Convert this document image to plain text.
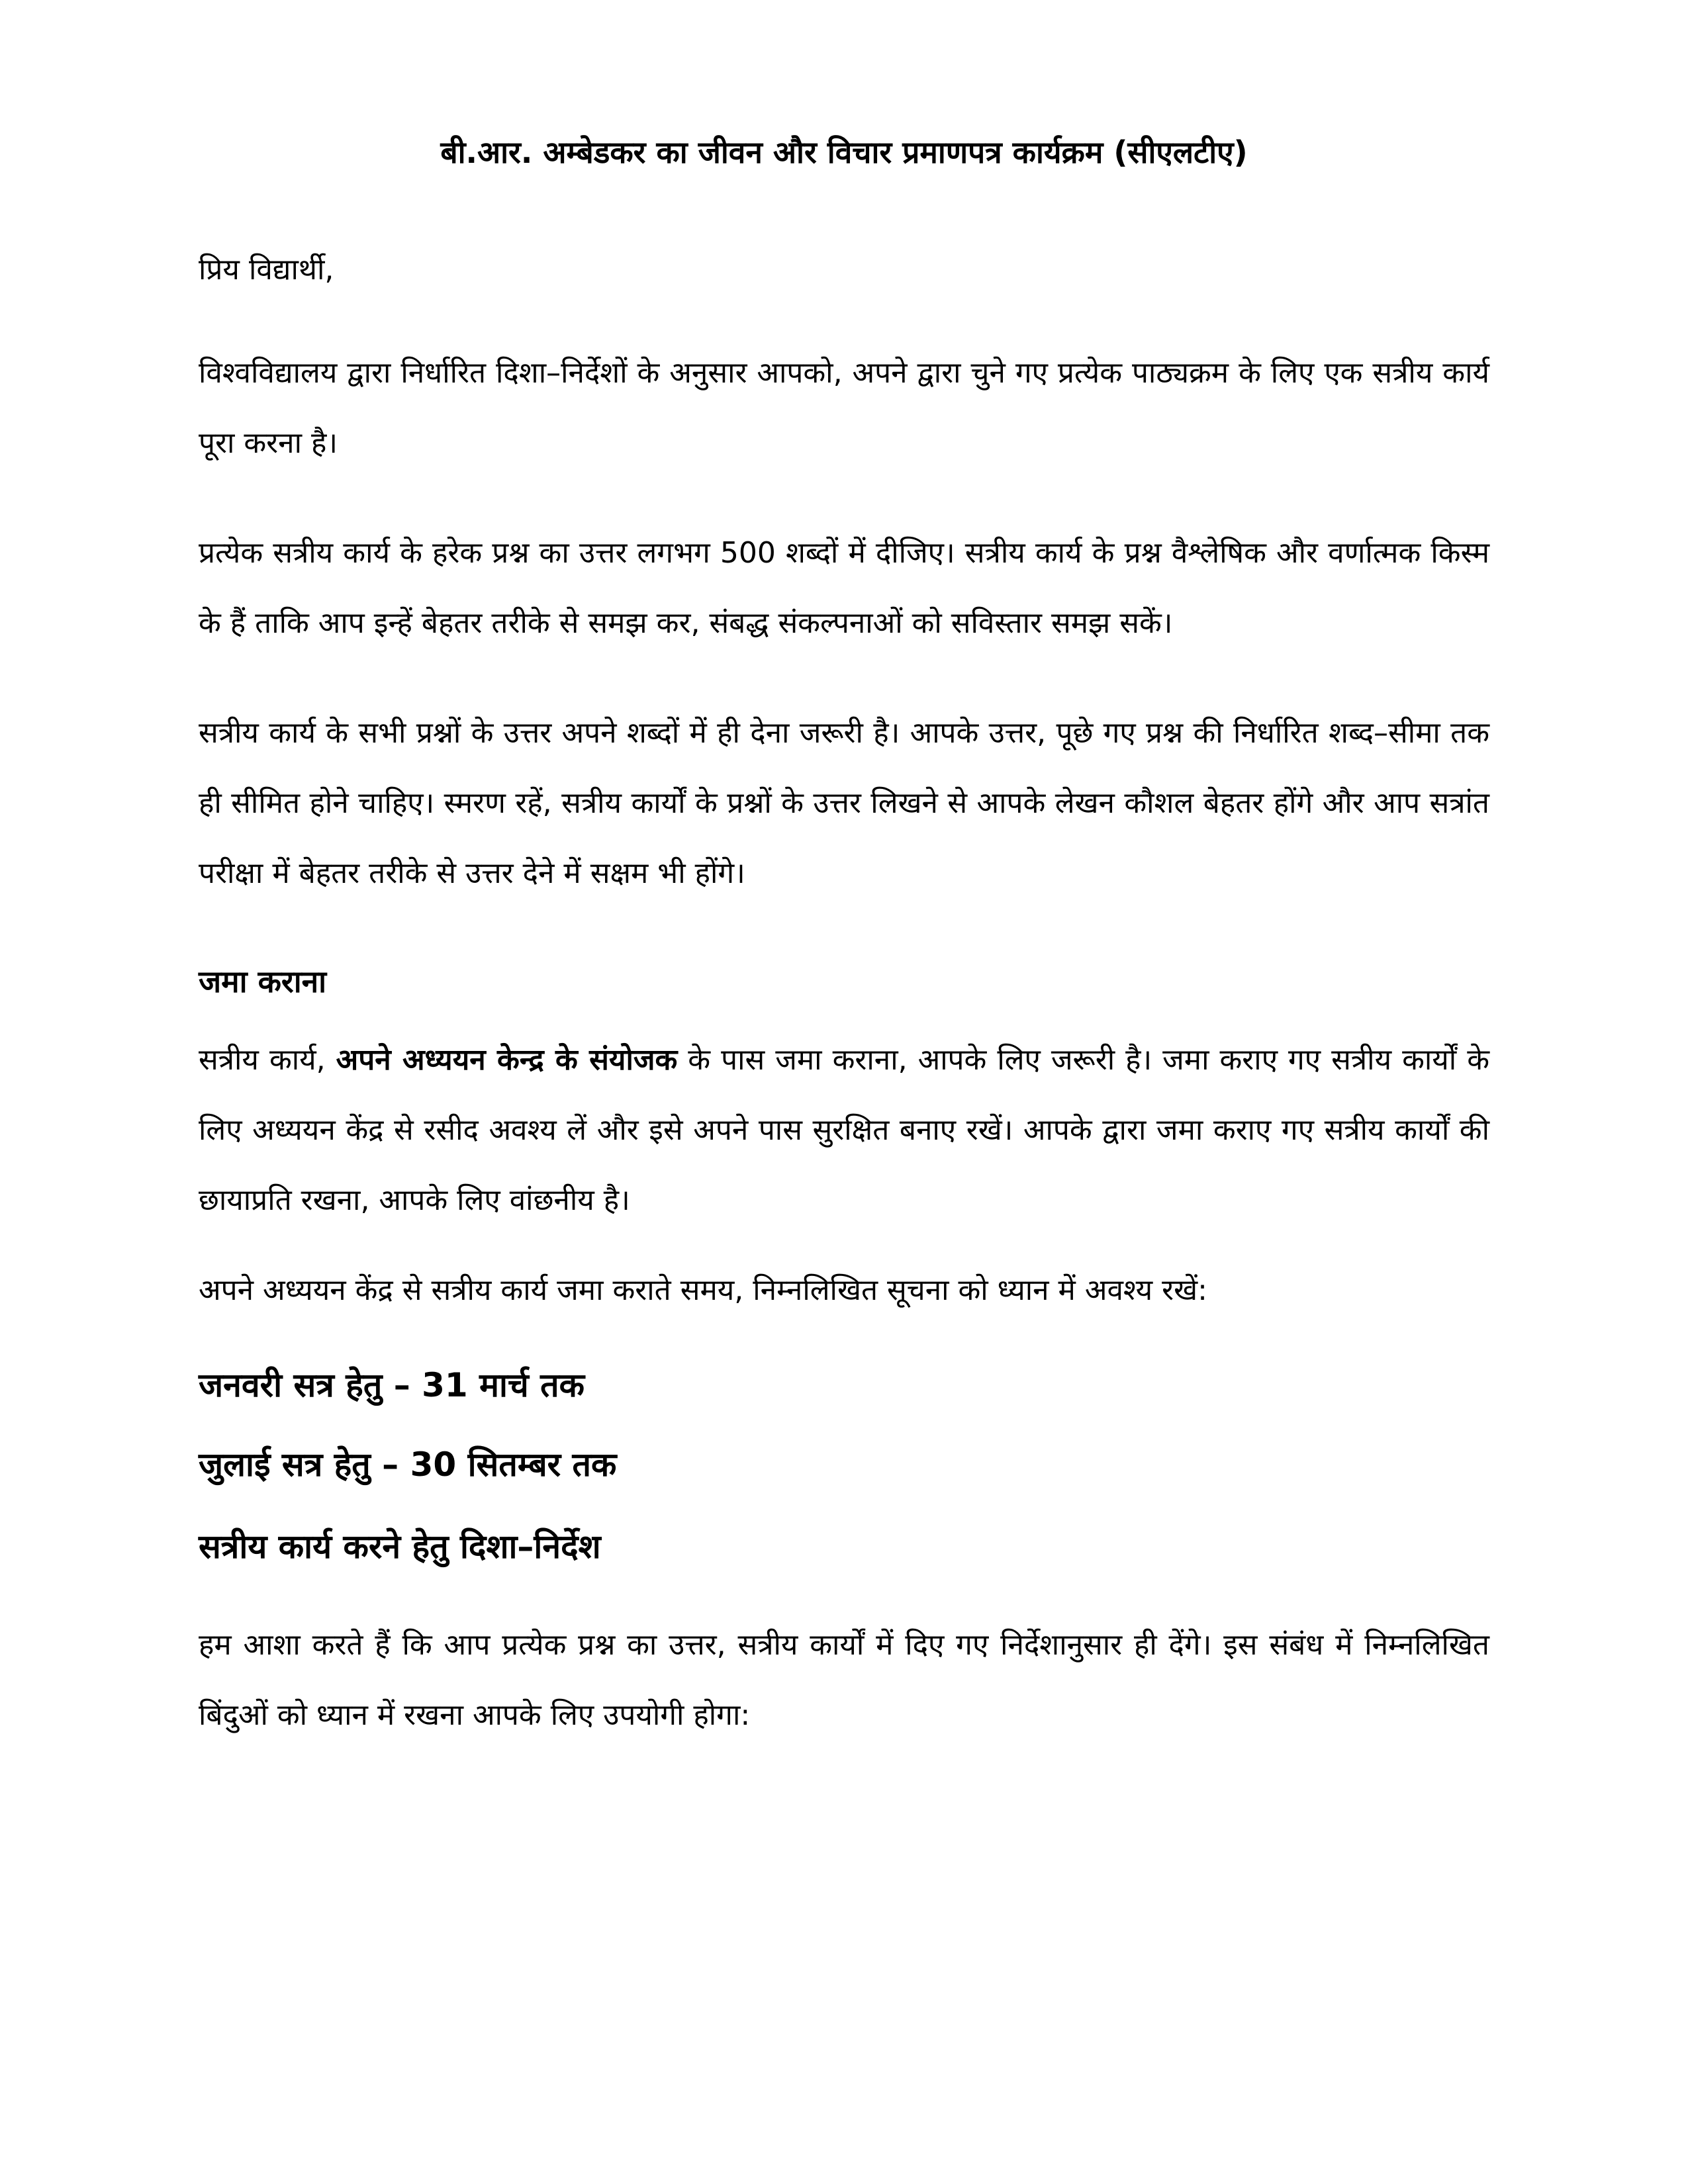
बी.आर. अम्बेडकर का जीवन और विचार प्रमाणपत्र कार्यक्रम (सीएलटीए)

प्रिय विद्यार्थी,

विश्वविद्यालय द्वारा निर्धारित दिशा–निर्देशों के अनुसार आपको, अपने द्वारा चुने गए प्रत्येक पाठ्यक्रम के लिए एक सत्रीय कार्य पूरा करना है।

प्रत्येक सत्रीय कार्य के हरेक प्रश्न का उत्तर लगभग 500 शब्दों में दीजिए। सत्रीय कार्य के प्रश्न वैश्लेषिक और वर्णात्मक किस्म के हैं ताकि आप इन्हें बेहतर तरीके से समझ कर, संबद्ध संकल्पनाओं को सविस्तार समझ सकें।

सत्रीय कार्य के सभी प्रश्नों के उत्तर अपने शब्दों में ही देना जरूरी है। आपके उत्तर, पूछे गए प्रश्न की निर्धारित शब्द–सीमा तक ही सीमित होने चाहिए। स्मरण रहें, सत्रीय कार्यों के प्रश्नों के उत्तर लिखने से आपके लेखन कौशल बेहतर होंगे और आप सत्रांत परीक्षा में बेहतर तरीके से उत्तर देने में सक्षम भी होंगे।

जमा कराना

सत्रीय कार्य, अपने अध्ययन केन्द्र के संयोजक के पास जमा कराना, आपके लिए जरूरी है। जमा कराए गए सत्रीय कार्यों के लिए अध्ययन केंद्र से रसीद अवश्य लें और इसे अपने पास सुरक्षित बनाए रखें। आपके द्वारा जमा कराए गए सत्रीय कार्यों की छायाप्रति रखना, आपके लिए वांछनीय है।

अपने अध्ययन केंद्र से सत्रीय कार्य जमा कराते समय, निम्नलिखित सूचना को ध्यान में अवश्य रखें:

जनवरी सत्र हेतु – 31 मार्च तक

जुलाई सत्र हेतु – 30 सितम्बर तक

सत्रीय कार्य करने हेतु दिशा–निर्देश

हम आशा करते हैं कि आप प्रत्येक प्रश्न का उत्तर, सत्रीय कार्यों में दिए गए निर्देशानुसार ही देंगे। इस संबंध में निम्नलिखित बिंदुओं को ध्यान में रखना आपके लिए उपयोगी होगा:
